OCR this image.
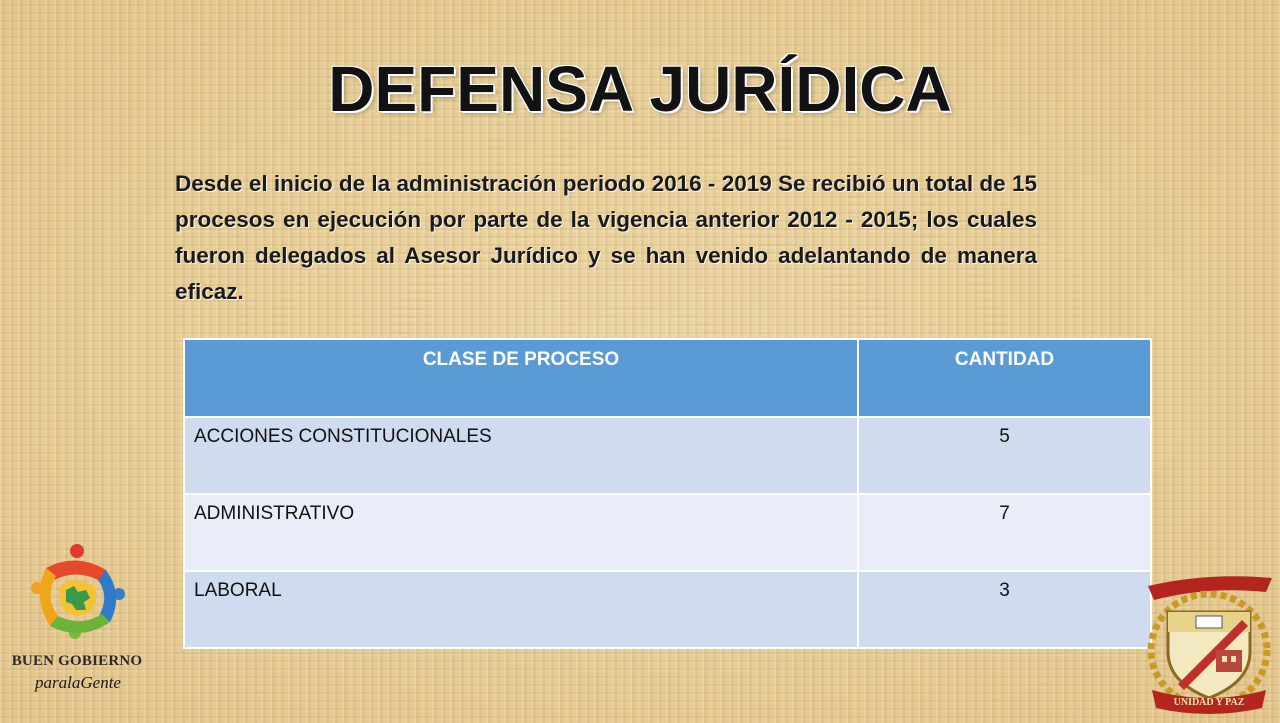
DEFENSA JURÍDICA
Desde el inicio de la administración periodo 2016 - 2019 Se recibió un total de 15 procesos en ejecución por parte de la vigencia anterior 2012 - 2015; los cuales fueron delegados al Asesor Jurídico y se han venido adelantando de manera eficaz.
CLASE DE PROCESO	CANTIDAD
ACCIONES CONSTITUCIONALES	5
ADMINISTRATIVO	7
LABORAL	3
BUEN GOBIERNO
paralaGente
UNIDAD Y PAZ
